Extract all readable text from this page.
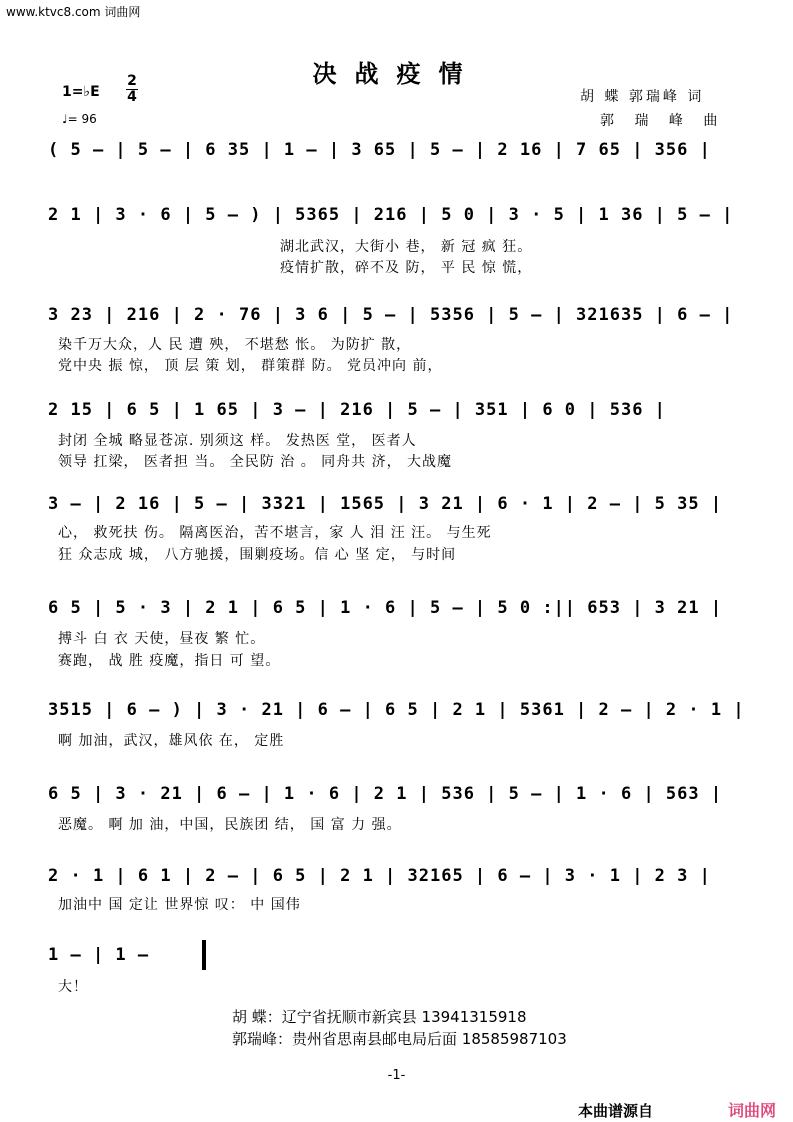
www.ktvc8.com 词曲网
决战疫情
1=♭E
2
4
♩= 96
胡 蝶 郭瑞峰 词
郭 瑞 峰 曲
( 5 – | 5 – | 6 35 | 1 – | 3 65 | 5 – | 2 16 | 7 65 | 356 |
2 1 | 3 · 6 | 5 – ) | 5365 | 216 | 5 0 | 3 · 5 | 1 36 | 5 – |
湖北武汉，大街小 巷， 新 冠 疯 狂。
疫情扩散，碎不及 防， 平 民 惊 慌，
3 23 | 216 | 2 · 76 | 3 6 | 5 – | 5356 | 5 – | 321635 | 6 – |
染千万大众，人 民 遭 殃， 不堪愁 怅。 为防扩 散，
党中央 振 惊， 顶 层 策 划， 群策群 防。 党员冲向 前，
2 15 | 6 5 | 1 65 | 3 – | 216 | 5 – | 351 | 6 0 | 536 |
封闭 全城 略显苍凉. 别须这 样。 发热医 堂， 医者人
领导 扛梁， 医者担 当。 全民防 治 。 同舟共 济， 大战魔
3 – | 2 16 | 5 – | 3321 | 1565 | 3 21 | 6 · 1 | 2 – | 5 35 |
心， 救死扶 伤。 隔离医治，苦不堪言，家 人 泪 汪 汪。 与生死
狂 众志成 城， 八方驰援，围剿疫场。信 心 坚 定， 与时间
6 5 | 5 · 3 | 2 1 | 6 5 | 1 · 6 | 5 – | 5 0 :|| 653 | 3 21 |
搏斗 白 衣 天使，昼夜 繁 忙。
赛跑， 战 胜 疫魔，指日 可 望。
3515 | 6 – ) | 3 · 21 | 6 – | 6 5 | 2 1 | 5361 | 2 – | 2 · 1 |
啊 加油，武汉，雄风依 在， 定胜
6 5 | 3 · 21 | 6 – | 1 · 6 | 2 1 | 536 | 5 – | 1 · 6 | 563 |
恶魔。 啊 加 油，中国，民族团 结， 国 富 力 强。
2 · 1 | 6 1 | 2 – | 6 5 | 2 1 | 32165 | 6 – | 3 · 1 | 2 3 |
加油中 国 定让 世界惊 叹： 中 国伟
1 – | 1 –
大！
胡 蝶：辽宁省抚顺市新宾县 13941315918
郭瑞峰：贵州省思南县邮电局后面 18585987103
-1-
本曲谱源自	词曲网
